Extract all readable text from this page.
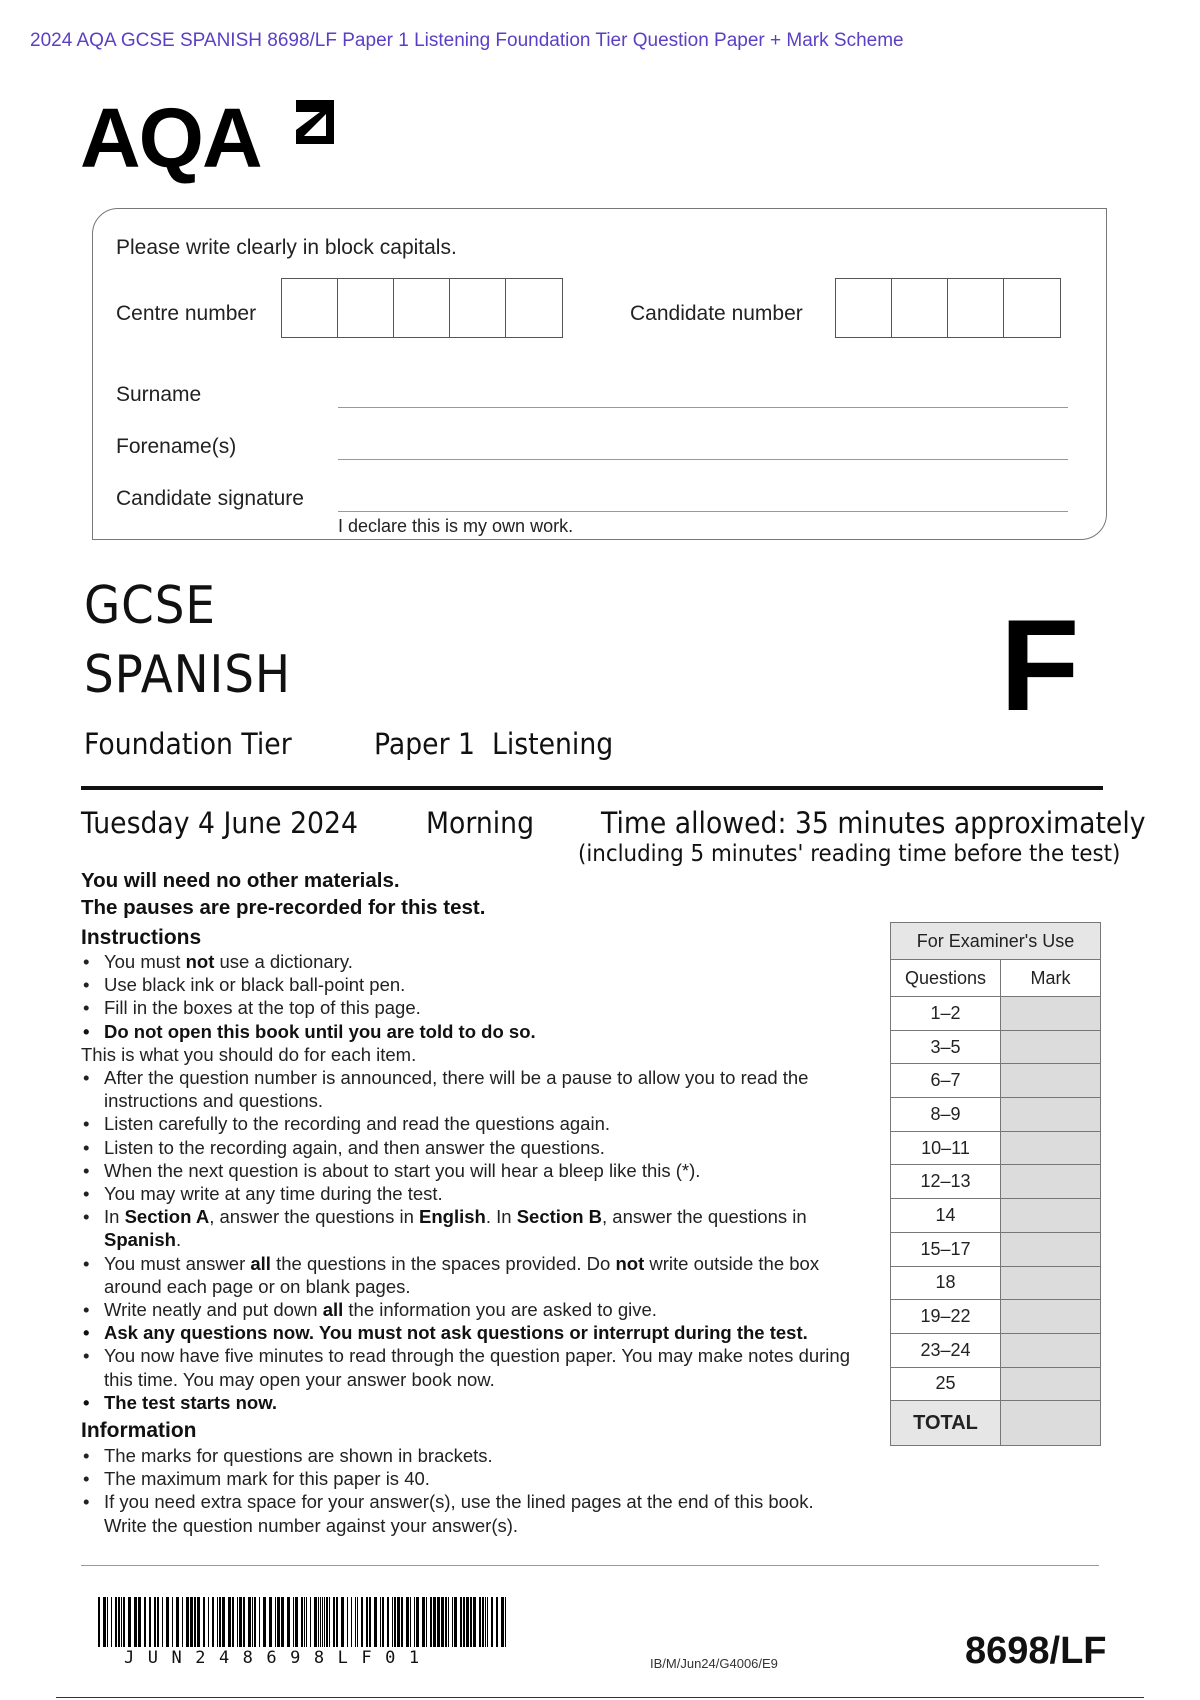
2024 AQA GCSE SPANISH 8698/LF Paper 1 Listening Foundation Tier Question Paper + Mark Scheme
AQA
Please write clearly in block capitals.
Centre number	Candidate number
Surname
Forename(s)
Candidate signature
I declare this is my own work.
GCSE
SPANISH
Foundation Tier	Paper 1  Listening
F
Tuesday 4 June 2024 Morning Time allowed: 35 minutes approximately
(including 5 minutes' reading time before the test)
You will need no other materials.
The pauses are pre-recorded for this test.
Instructions
• You must not use a dictionary.
• Use black ink or black ball-point pen.
• Fill in the boxes at the top of this page.
• Do not open this book until you are told to do so.
This is what you should do for each item.
• After the question number is announced, there will be a pause to allow you to read the instructions and questions.
• Listen carefully to the recording and read the questions again.
• Listen to the recording again, and then answer the questions.
• When the next question is about to start you will hear a bleep like this (*).
• You may write at any time during the test.
• In Section A, answer the questions in English. In Section B, answer the questions in Spanish.
• You must answer all the questions in the spaces provided. Do not write outside the box around each page or on blank pages.
• Write neatly and put down all the information you are asked to give.
• Ask any questions now. You must not ask questions or interrupt during the test.
• You now have five minutes to read through the question paper. You may make notes during this time. You may open your answer book now.
• The test starts now.
Information
• The marks for questions are shown in brackets.
• The maximum mark for this paper is 40.
• If you need extra space for your answer(s), use the lined pages at the end of this book. Write the question number against your answer(s).
For Examiner's Use	
Questions	Mark
1–2	
3–5	
6–7	
8–9	
10–11	
12–13	
14	
15–17	
18	
19–22	
23–24	
25	
TOTAL	
JUN248698LF01	IB/M/Jun24/G4006/E9	8698/LF
